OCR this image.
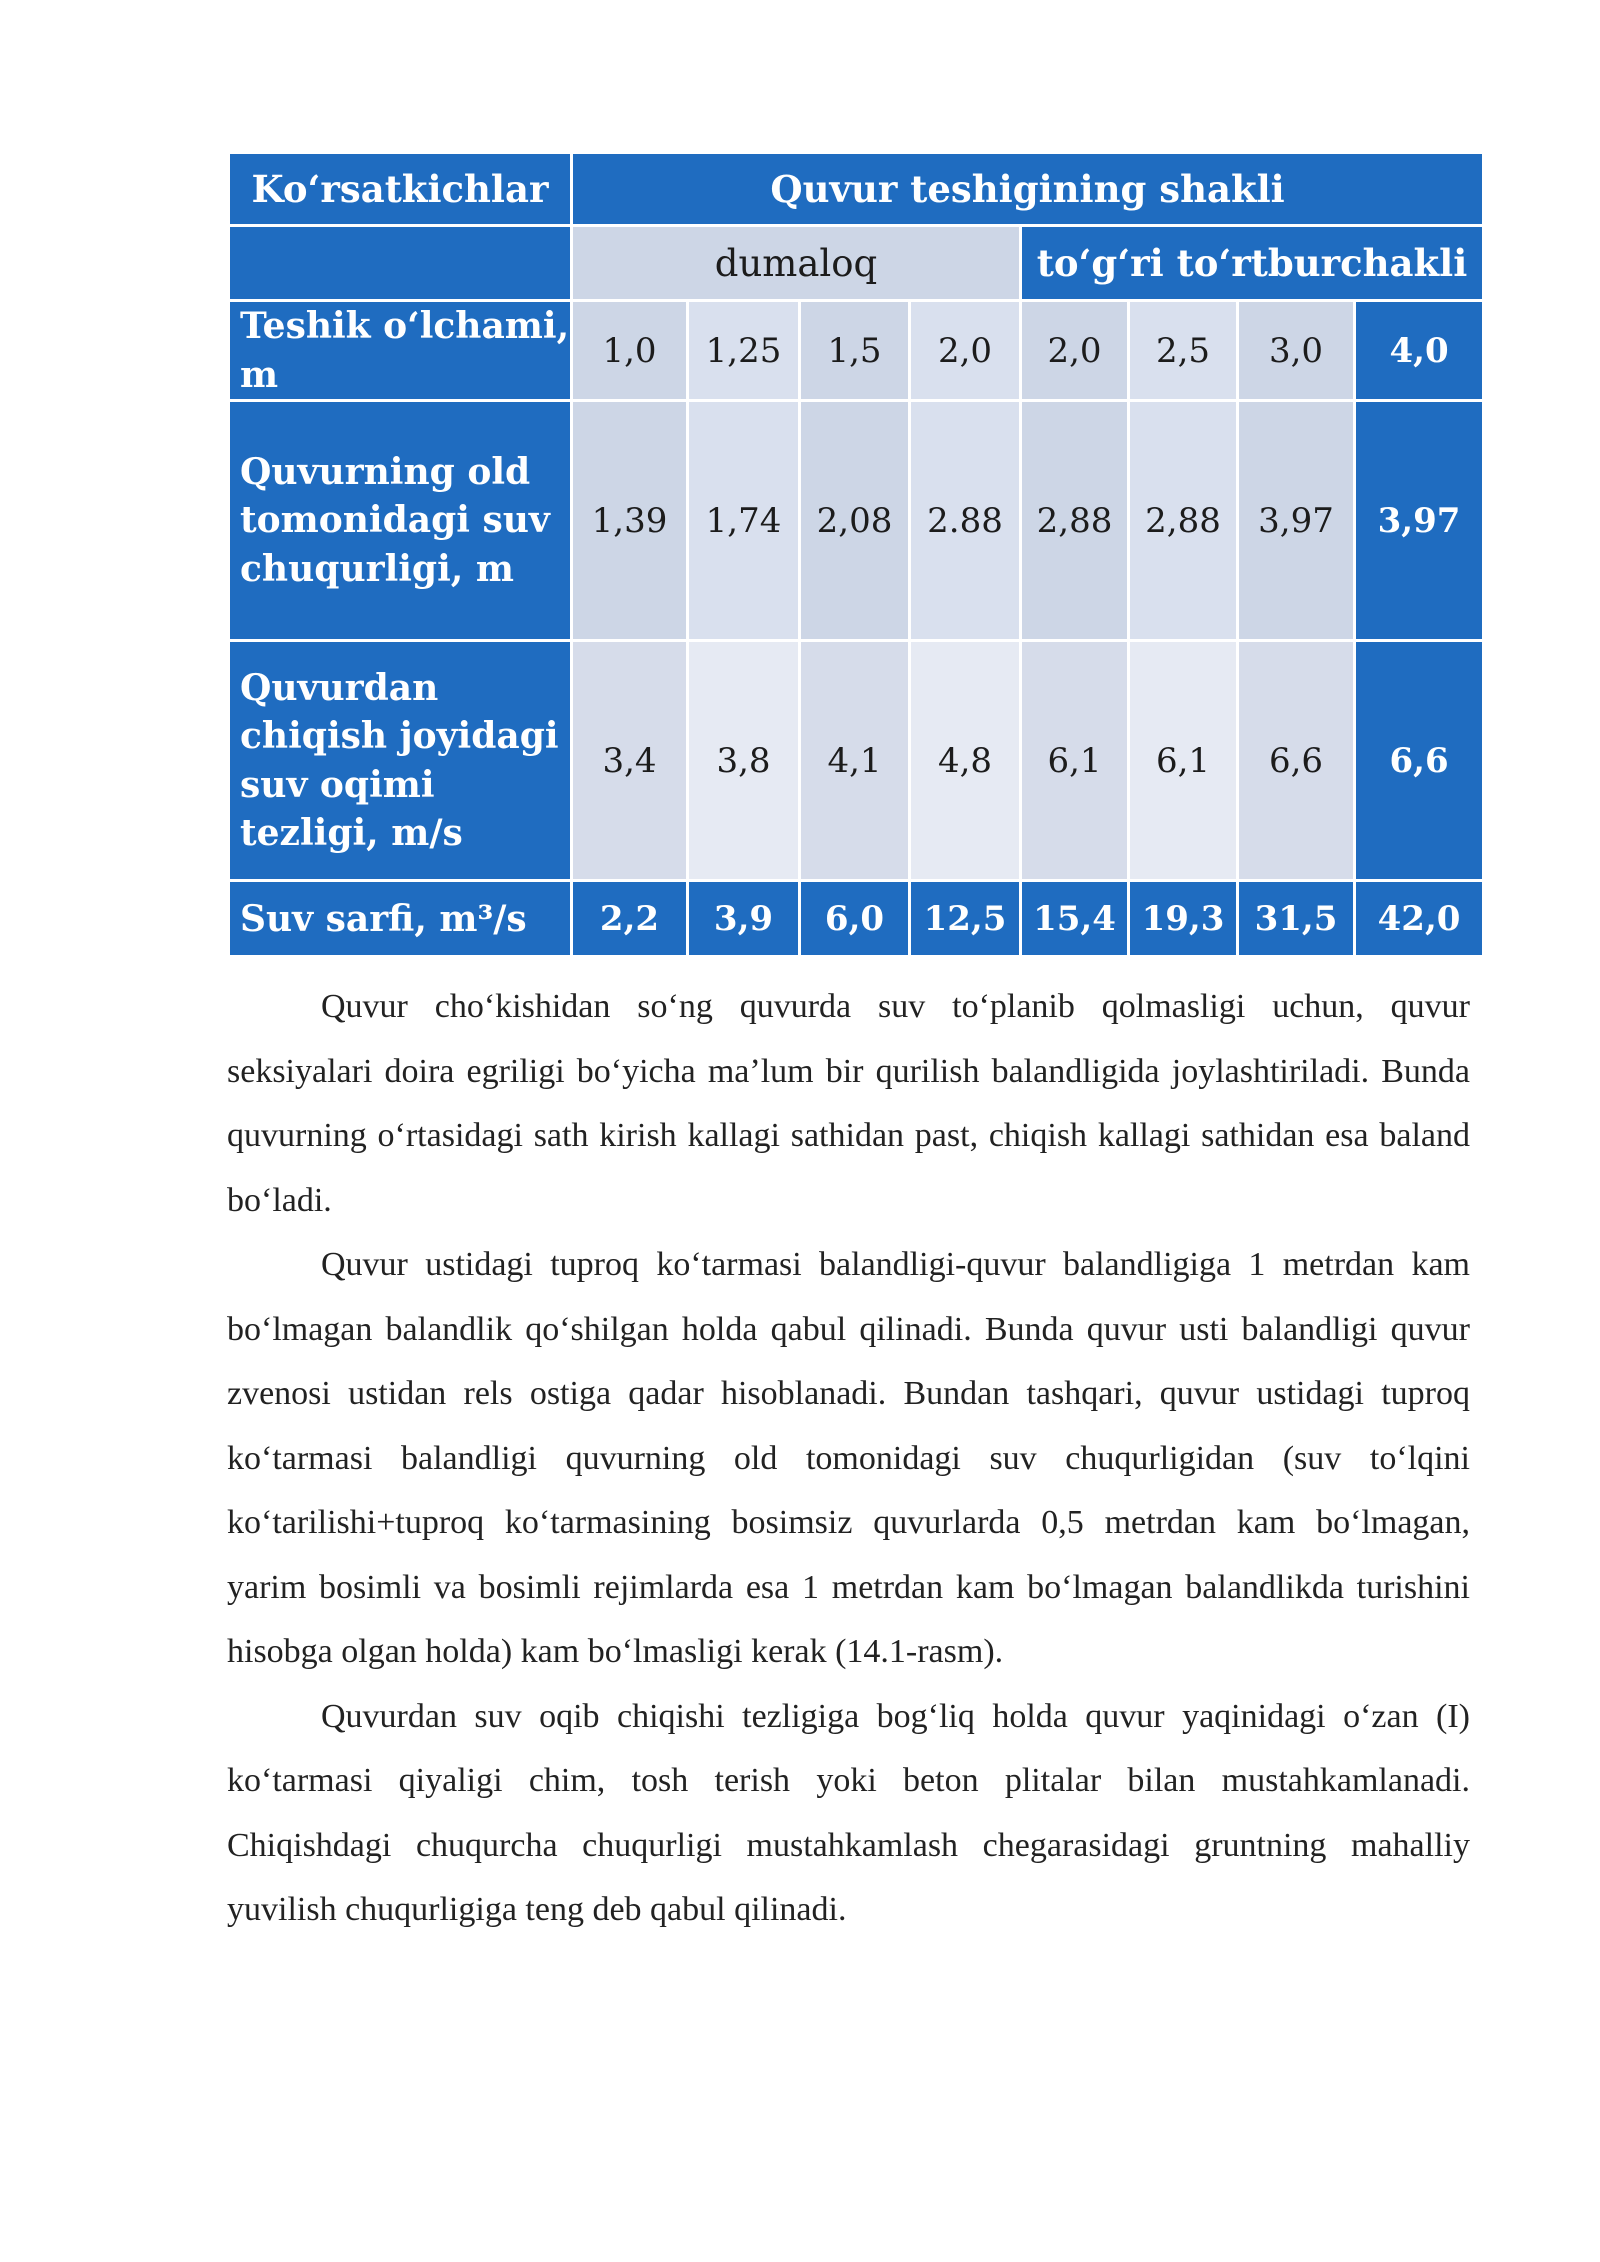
Koʻrsatkichlar	Quvur teshigining shakli							
	dumaloq				toʻgʻri toʻrtburchakli			
Teshik oʻlchami, m	1,0	1,25	1,5	2,0	2,0	2,5	3,0	4,0
Quvurning old tomonidagi suv chuqurligi, m	1,39	1,74	2,08	2.88	2,88	2,88	3,97	3,97
Quvurdan chiqish joyidagi suv oqimi tezligi, m/s	3,4	3,8	4,1	4,8	6,1	6,1	6,6	6,6
Suv sarfi, m³/s	2,2	3,9	6,0	12,5	15,4	19,3	31,5	42,0

Quvur choʻkishidan soʻng quvurda suv toʻplanib qolmasligi uchun, quvur seksiyalari doira egriligi boʻyicha maʼlum bir qurilish balandligida joylashtiriladi. Bunda quvurning oʻrtasidagi sath kirish kallagi sathidan past, chiqish kallagi sathidan esa baland boʻladi.

Quvur ustidagi tuproq koʻtarmasi balandligi-quvur balandligiga 1 metrdan kam boʻlmagan balandlik qoʻshilgan holda qabul qilinadi. Bunda quvur usti balandligi quvur zvenosi ustidan rels ostiga qadar hisoblanadi. Bundan tashqari, quvur ustidagi tuproq koʻtarmasi balandligi quvurning old tomonidagi suv chuqurligidan (suv toʻlqini koʻtarilishi+tuproq koʻtarmasining bosimsiz quvurlarda 0,5 metrdan kam boʻlmagan, yarim bosimli va bosimli rejimlarda esa 1 metrdan kam boʻlmagan balandlikda turishini hisobga olgan holda) kam boʻlmasligi kerak (14.1-rasm).

Quvurdan suv oqib chiqishi tezligiga bogʻliq holda quvur yaqinidagi oʻzan (I) koʻtarmasi qiyaligi chim, tosh terish yoki beton plitalar bilan mustahkamlanadi. Chiqishdagi chuqurcha chuqurligi mustahkamlash chegarasidagi gruntning mahalliy yuvilish chuqurligiga teng deb qabul qilinadi.
